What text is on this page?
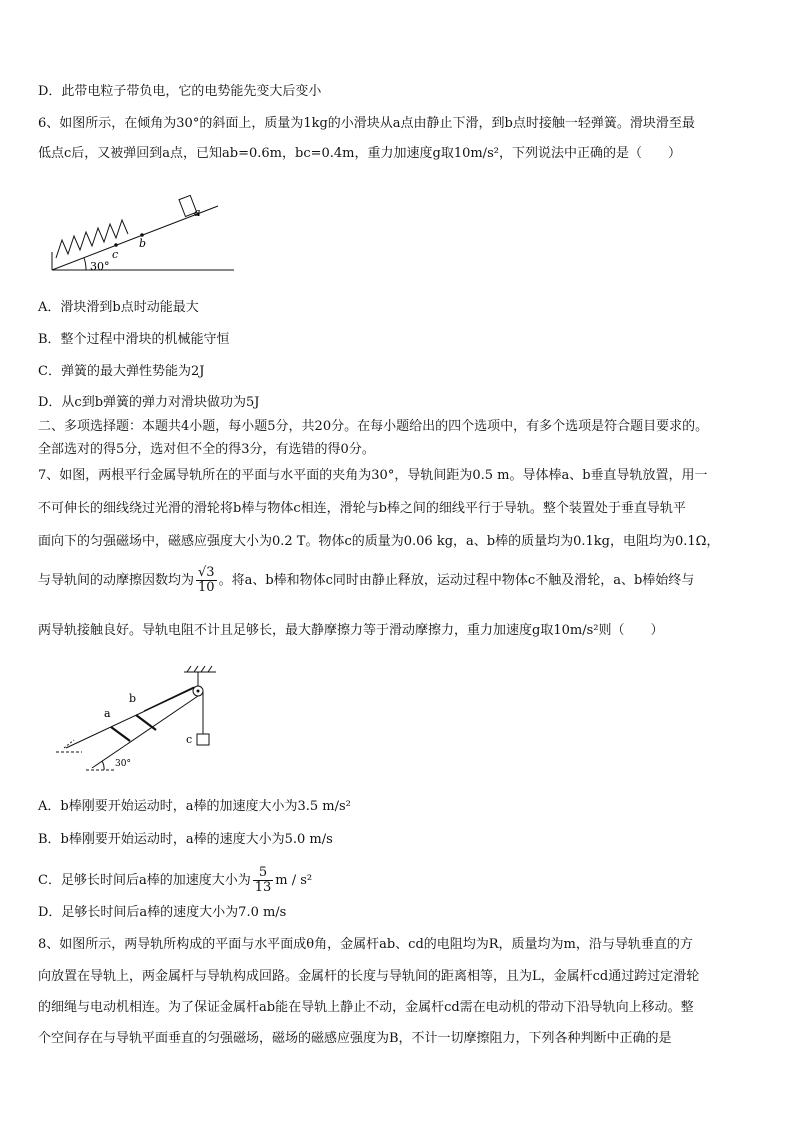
D．此带电粒子带负电，它的电势能先变大后变小
6、如图所示，在倾角为30°的斜面上，质量为1kg的小滑块从a点由静止下滑，到b点时接触一轻弹簧。滑块滑至最
低点c后，又被弹回到a点，已知ab=0.6m，bc=0.4m，重力加速度g取10m/s²，下列说法中正确的是（　　）
a
b
c
30°
A．滑块滑到b点时动能最大
B．整个过程中滑块的机械能守恒
C．弹簧的最大弹性势能为2J
D．从c到b弹簧的弹力对滑块做功为5J
二、多项选择题：本题共4小题，每小题5分，共20分。在每小题给出的四个选项中，有多个选项是符合题目要求的。
全部选对的得5分，选对但不全的得3分，有选错的得0分。
7、如图，两根平行金属导轨所在的平面与水平面的夹角为30°，导轨间距为0.5 m。导体棒a、b垂直导轨放置，用一
不可伸长的细线绕过光滑的滑轮将b棒与物体c相连，滑轮与b棒之间的细线平行于导轨。整个装置处于垂直导轨平
面向下的匀强磁场中，磁感应强度大小为0.2 T。物体c的质量为0.06 kg，a、b棒的质量均为0.1kg，电阻均为0.1Ω，
与导轨间的动摩擦因数均为 $\frac{√3}{10}$ 。将a、b棒和物体c同时由静止释放，运动过程中物体c不触及滑轮，a、b棒始终与
两导轨接触良好。导轨电阻不计且足够长，最大静摩擦力等于滑动摩擦力，重力加速度g取10m/s²则（　　）
a
b
c
30°
A．b棒刚要开始运动时，a棒的加速度大小为3.5 m/s²
B．b棒刚要开始运动时，a棒的速度大小为5.0 m/s
C．足够长时间后a棒的加速度大小为 $\frac{5}{13}$ m / s²
D．足够长时间后a棒的速度大小为7.0 m/s
8、如图所示，两导轨所构成的平面与水平面成θ角，金属杆ab、cd的电阻均为R，质量均为m，沿与导轨垂直的方
向放置在导轨上，两金属杆与导轨构成回路。金属杆的长度与导轨间的距离相等，且为L，金属杆cd通过跨过定滑轮
的细绳与电动机相连。为了保证金属杆ab能在导轨上静止不动，金属杆cd需在电动机的带动下沿导轨向上移动。整
个空间存在与导轨平面垂直的匀强磁场，磁场的磁感应强度为B，不计一切摩擦阻力，下列各种判断中正确的是
